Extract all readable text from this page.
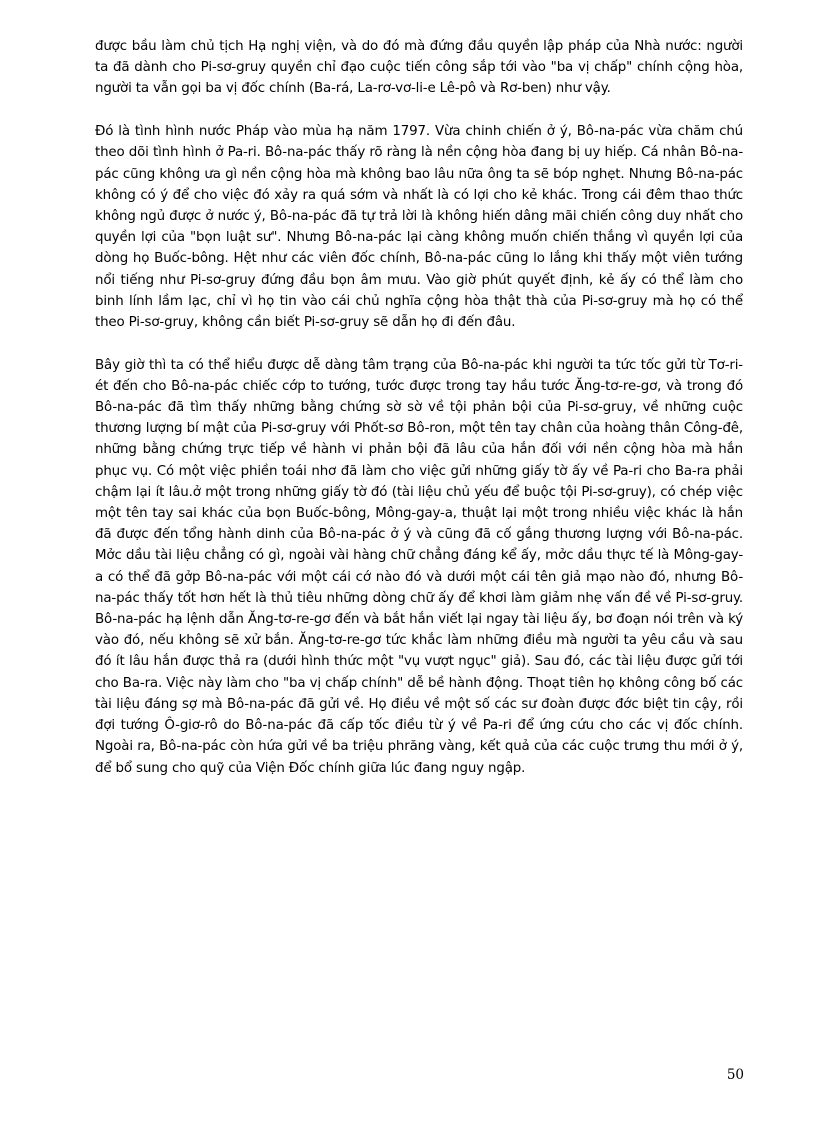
được bầu làm chủ tịch Hạ nghị viện, và do đó mà đứng đầu quyền lập pháp của Nhà nước: người ta đã dành cho Pi-sơ-gruy quyền chỉ đạo cuộc tiến công sắp tới vào "ba vị chấp" chính cộng hòa, người ta vẫn gọi ba vị đốc chính (Ba-rá, La-rơ-vơ-li-e Lê-pô và Rơ-ben) như vậy.

Đó là tình hình nước Pháp vào mùa hạ năm 1797. Vừa chinh chiến ở ý, Bô-na-pác vừa chăm chú theo dõi tình hình ở Pa-ri. Bô-na-pác thấy rõ ràng là nền cộng hòa đang bị uy hiếp. Cá nhân Bô-na-pác cũng không ưa gì nền cộng hòa mà không bao lâu nữa ông ta sẽ bóp nghẹt. Nhưng Bô-na-pác không có ý để cho việc đó xảy ra quá sớm và nhất là có lợi cho kẻ khác. Trong cái đêm thao thức không ngủ được ở nước ý, Bô-na-pác đã tự trả lời là không hiến dâng mãi chiến công duy nhất cho quyền lợi của "bọn luật sư". Nhưng Bô-na-pác lại càng không muốn chiến thắng vì quyền lợi của dòng họ Buốc-bông. Hệt như các viên đốc chính, Bô-na-pác cũng lo lắng khi thấy một viên tướng nổi tiếng như Pi-sơ-gruy đứng đầu bọn âm mưu. Vào giờ phút quyết định, kẻ ấy có thể làm cho binh lính lầm lạc, chỉ vì họ tin vào cái chủ nghĩa cộng hòa thật thà của Pi-sơ-gruy mà họ có thể theo Pi-sơ-gruy, không cần biết Pi-sơ-gruy sẽ dẫn họ đi đến đâu.

Bây giờ thì ta có thể hiểu được dễ dàng tâm trạng của Bô-na-pác khi người ta tức tốc gửi từ Tơ-ri-ét đến cho Bô-na-pác chiếc cớp to tướng, tước được trong tay hầu tước Ăng-tơ-re-gơ, và trong đó Bô-na-pác đã tìm thấy những bằng chứng sờ sờ về tội phản bội của Pi-sơ-gruy, về những cuộc thương lượng bí mật của Pi-sơ-gruy với Phốt-sơ Bô-ron, một tên tay chân của hoàng thân Công-đê, những bằng chứng trực tiếp về hành vi phản bội đã lâu của hắn đối với nền cộng hòa mà hắn phục vụ. Có một việc phiền toái nhơ đã làm cho việc gửi những giấy tờ ấy về Pa-ri cho Ba-ra phải chậm lại ít lâu.ở một trong những giấy tờ đó (tài liệu chủ yếu để buộc tội Pi-sơ-gruy), có chép việc một tên tay sai khác của bọn Buốc-bông, Mông-gay-a, thuật lại một trong nhiều việc khác là hắn đã được đến tổng hành dinh của Bô-na-pác ở ý và cũng đã cố gắng thương lượng với Bô-na-pác. Mởc dầu tài liệu chẳng có gì, ngoài vài hàng chữ chẳng đáng kể ấy, mởc dầu thực tế là Mông-gay-a có thể đã gởp Bô-na-pác với một cái cớ nào đó và dưới một cái tên giả mạo nào đó, nhưng Bô-na-pác thấy tốt hơn hết là thủ tiêu những dòng chữ ấy để khơi làm giảm nhẹ vấn đề về Pi-sơ-gruy. Bô-na-pác hạ lệnh dẫn Ăng-tơ-re-gơ đến và bắt hắn viết lại ngay tài liệu ấy, bơ đoạn nói trên và ký vào đó, nếu không sẽ xử bắn. Ăng-tơ-re-gơ tức khắc làm những điều mà người ta yêu cầu và sau đó ít lâu hắn được thả ra (dưới hình thức một "vụ vượt ngục" giả). Sau đó, các tài liệu được gửi tới cho Ba-ra. Việc này làm cho "ba vị chấp chính" dễ bề hành động. Thoạt tiên họ không công bố các tài liệu đáng sợ mà Bô-na-pác đã gửi về. Họ điều về một số các sư đoàn được đớc biệt tin cậy, rồi đợi tướng Ô-giơ-rô do Bô-na-pác đã cấp tốc điều từ ý về Pa-ri để ứng cứu cho các vị đốc chính. Ngoài ra, Bô-na-pác còn hứa gửi về ba triệu phrăng vàng, kết quả của các cuộc trưng thu mới ở ý, để bổ sung cho quỹ của Viện Đốc chính giữa lúc đang nguy ngập.

50
